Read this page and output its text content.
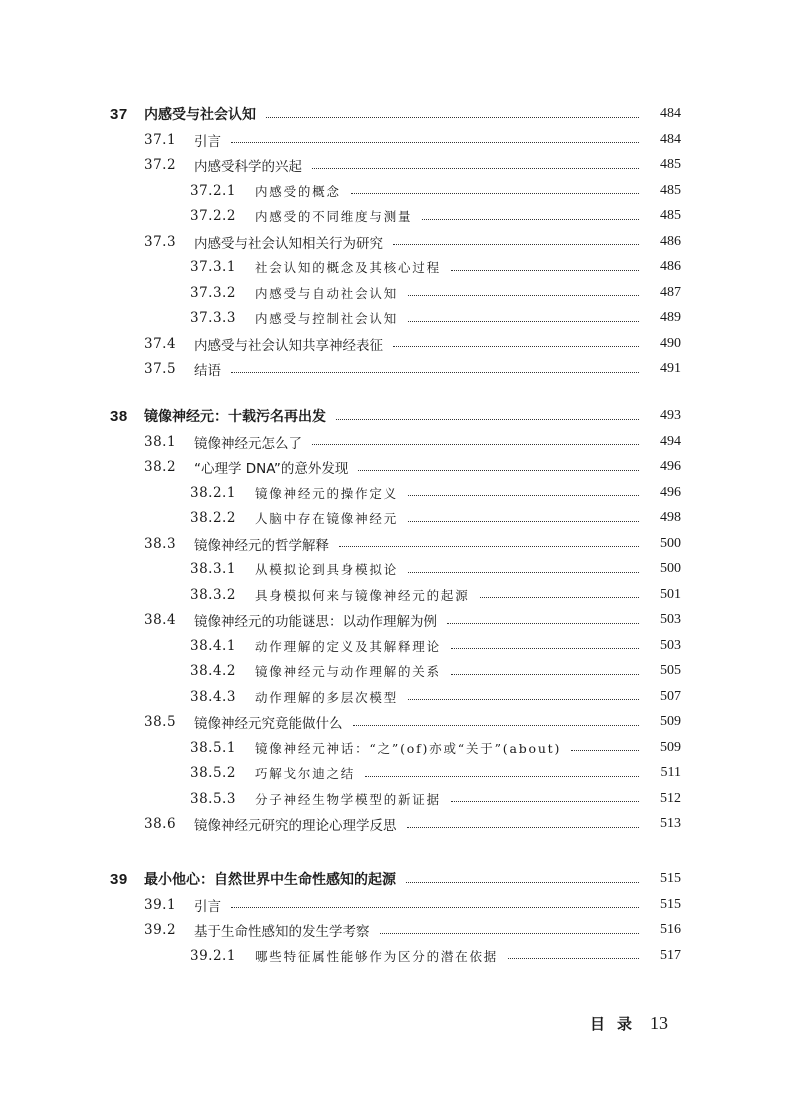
37	内感受与社会认知	484
37.1	引言	484
37.2	内感受科学的兴起	485
37.2.1	内感受的概念	485
37.2.2	内感受的不同维度与测量	485
37.3	内感受与社会认知相关行为研究	486
37.3.1	社会认知的概念及其核心过程	486
37.3.2	内感受与自动社会认知	487
37.3.3	内感受与控制社会认知	489
37.4	内感受与社会认知共享神经表征	490
37.5	结语	491
38	镜像神经元：十载污名再出发	493
38.1	镜像神经元怎么了	494
38.2	“心理学 DNA”的意外发现	496
38.2.1	镜像神经元的操作定义	496
38.2.2	人脑中存在镜像神经元	498
38.3	镜像神经元的哲学解释	500
38.3.1	从模拟论到具身模拟论	500
38.3.2	具身模拟何来与镜像神经元的起源	501
38.4	镜像神经元的功能谜思：以动作理解为例	503
38.4.1	动作理解的定义及其解释理论	503
38.4.2	镜像神经元与动作理解的关系	505
38.4.3	动作理解的多层次模型	507
38.5	镜像神经元究竟能做什么	509
38.5.1	镜像神经元神话：“之”(of)亦或“关于”(about)	509
38.5.2	巧解戈尔迪之结	511
38.5.3	分子神经生物学模型的新证据	512
38.6	镜像神经元研究的理论心理学反思	513
39	最小他心：自然世界中生命性感知的起源	515
39.1	引言	515
39.2	基于生命性感知的发生学考察	516
39.2.1	哪些特征属性能够作为区分的潜在依据	517
目录 13
